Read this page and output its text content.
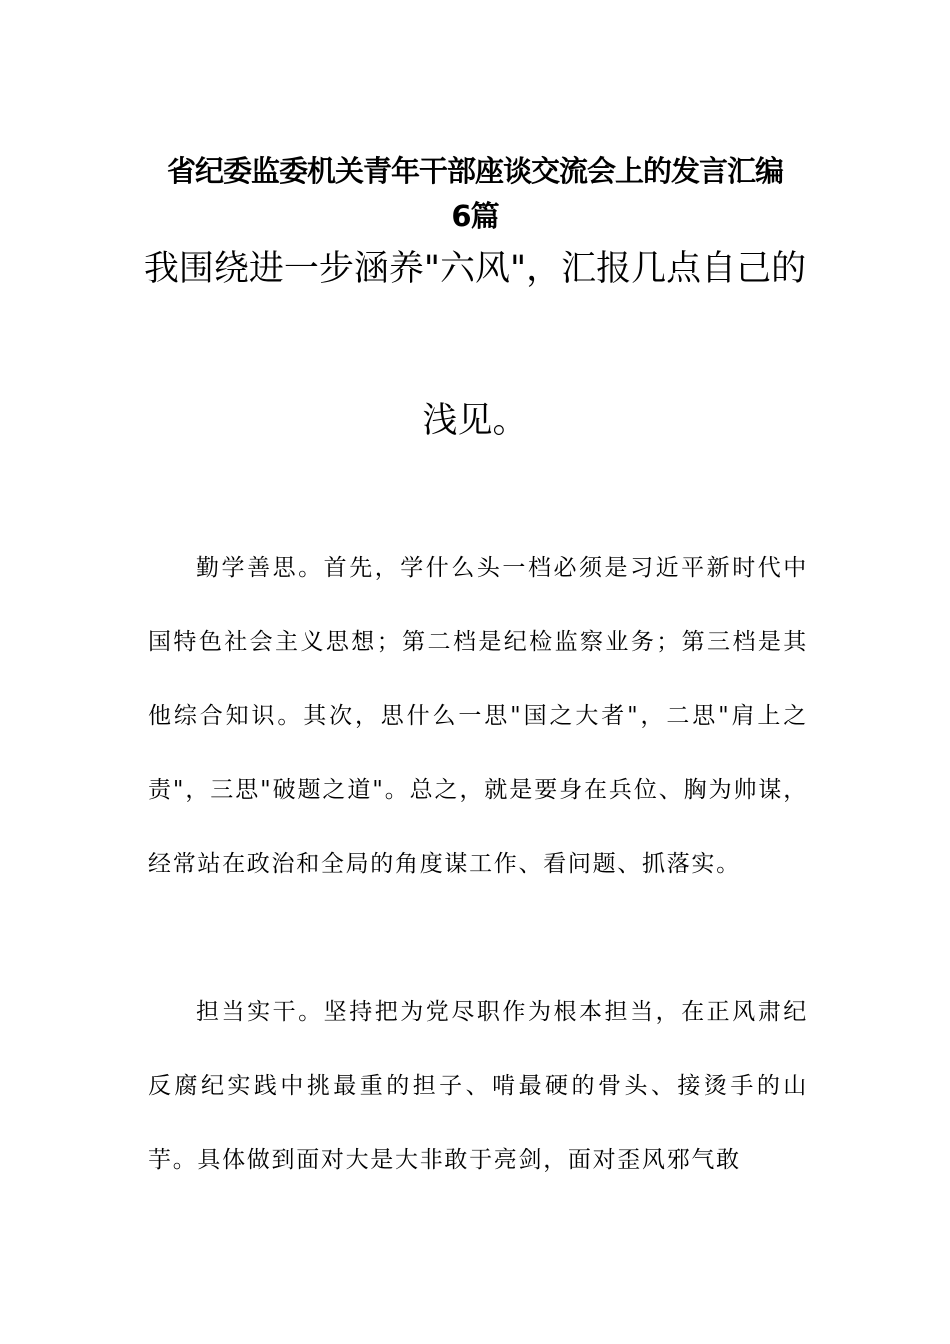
省纪委监委机关青年干部座谈交流会上的发言汇编
6篇
我围绕进一步涵养"六风"，汇报几点自己的
浅见。

勤学善思。首先，学什么头一档必须是习近平新时代中国特色社会主义思想；第二档是纪检监察业务；第三档是其他综合知识。其次，思什么一思"国之大者"，二思"肩上之责"，三思"破题之道"。总之，就是要身在兵位、胸为帅谋，经常站在政治和全局的角度谋工作、看问题、抓落实。

担当实干。坚持把为党尽职作为根本担当，在正风肃纪反腐纪实践中挑最重的担子、啃最硬的骨头、接烫手的山芋。具体做到面对大是大非敢于亮剑，面对歪风邪气敢
